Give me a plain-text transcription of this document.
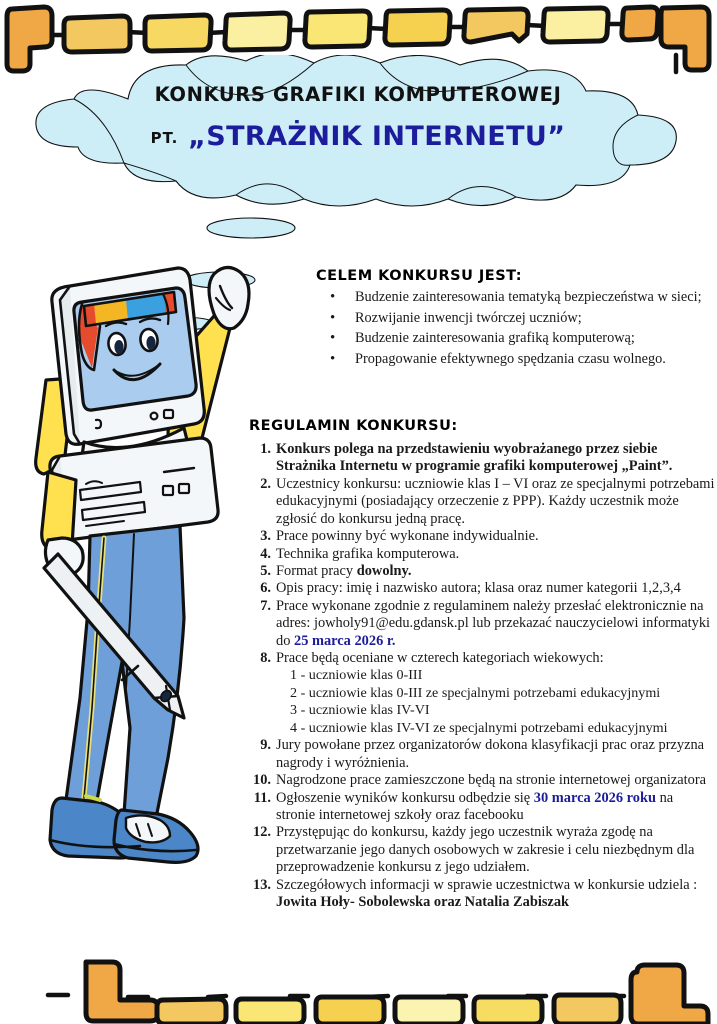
KONKURS GRAFIKI KOMPUTEROWEJ
PT. „STRAŻNIK INTERNETU”
CELEM KONKURSU JEST:
• Budzenie zainteresowania tematyką bezpieczeństwa w sieci;
• Rozwijanie inwencji twórczej uczniów;
• Budzenie zainteresowania grafiką komputerową;
• Propagowanie efektywnego spędzania czasu wolnego.
REGULAMIN KONKURSU:
1. Konkurs polega na przedstawieniu wyobrażanego przez siebie Strażnika Internetu w programie grafiki komputerowej „Paint”.
2. Uczestnicy konkursu: uczniowie klas I – VI oraz ze specjalnymi potrzebami edukacyjnymi (posiadający orzeczenie z PPP). Każdy uczestnik może zgłosić do konkursu jedną pracę.
3. Prace powinny być wykonane indywidualnie.
4. Technika grafika komputerowa.
5. Format pracy dowolny.
6. Opis pracy: imię i nazwisko autora; klasa oraz numer kategorii 1,2,3,4
7. Prace wykonane zgodnie z regulaminem należy przesłać elektronicznie na adres: jowholy91@edu.gdansk.pl lub przekazać nauczycielowi informatyki do 25 marca 2026 r.
8. Prace będą oceniane w czterech kategoriach wiekowych:
1 - uczniowie klas 0-III
2 - uczniowie klas 0-III ze specjalnymi potrzebami edukacyjnymi
3 - uczniowie klas IV-VI
4 - uczniowie klas IV-VI ze specjalnymi potrzebami edukacyjnymi
9. Jury powołane przez organizatorów dokona klasyfikacji prac oraz przyzna nagrody i wyróżnienia.
10. Nagrodzone prace zamieszczone będą na stronie internetowej organizatora
11. Ogłoszenie wyników konkursu odbędzie się 30 marca 2026 roku na stronie internetowej szkoły oraz facebooku
12. Przystępując do konkursu, każdy jego uczestnik wyraża zgodę na przetwarzanie jego danych osobowych w zakresie i celu niezbędnym dla przeprowadzenie konkursu z jego udziałem.
13. Szczegółowych informacji w sprawie uczestnictwa w konkursie udziela : Jowita Hoły- Sobolewska oraz Natalia Zabiszak
